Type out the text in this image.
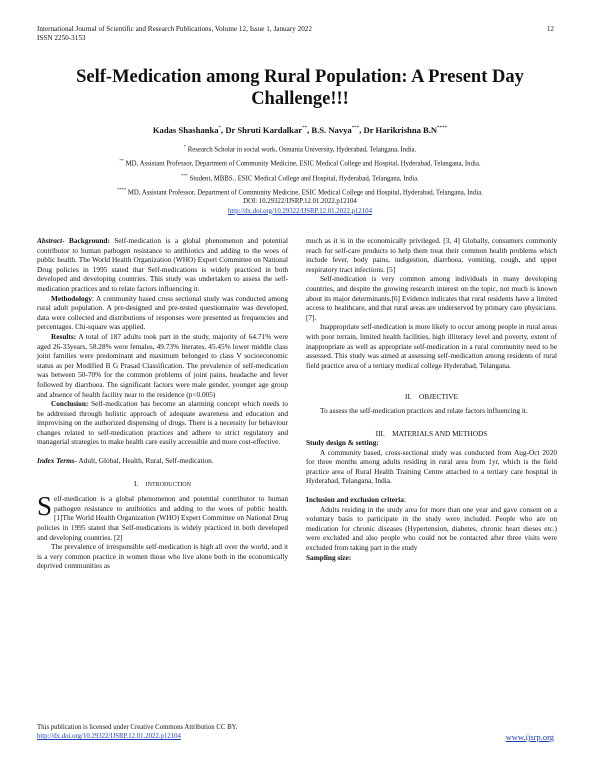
International Journal of Scientific and Research Publications, Volume 12, Issue 1, January 2022
ISSN 2250-3153
12
Self-Medication among Rural Population: A Present Day Challenge!!!
Kadas Shashanka*, Dr Shruti Kardalkar**, B.S. Navya***, Dr Harikrishna B.N****
* Research Scholar in social work, Osmania University, Hyderabad, Telangana, India.
** MD, Assistant Professor, Department of Community Medicine, ESIC Medical College and Hospital, Hyderabad, Telangana, India.
*** Student, MBBS., ESIC Medical College and Hospital, Hyderabad, Telangana, India.
**** MD, Assistant Professor, Department of Community Medicine, ESIC Medical College and Hospital, Hyderabad, Telangana, India.
DOI: 10.29322/IJSRP.12.01.2022.p12104
http://dx.doi.org/10.29322/IJSRP.12.01.2022.p12104

Abstract- Background: Self-medication is a global phenomenon and potential contributor to human pathogen resistance to antibiotics and adding to the woes of public health. The World Health Organization (WHO) Expert Committee on National Drug policies in 1995 stated that Self-medications is widely practiced in both developed and developing countries. This study was undertaken to assess the self-medication practices and to relate factors influencing it.

Methodology: A community based cross sectional study was conducted among rural adult population. A pre-designed and pre-tested questionnaire was developed, data were collected and distributions of responses were presented as frequencies and percentages. Chi-square was applied.

Results: A total of 187 adults took part in the study, majority of 64.71% were aged 26-33years, 58.28% were females, 49.73% literates, 45.45% lower middle class joint families were predominant and maximum belonged to class V socioeconomic status as per Modified B G Prasad Classification. The prevalence of self-medication was between 50-70% for the common problems of joint pains, headache and fever followed by diarrhoea. The significant factors were male gender, younger age group and absence of health facility near to the residence (p<0.005)

Conclusion: Self-medication has become an alarming concept which needs to be addressed through holistic approach of adequate awareness and education and improvising on the authorized dispensing of drugs. There is a necessity for behaviour changes related to self-medication practices and adhere to strict regulatory and managerial strategies to make health care easily accessible and more cost-effective.

Index Terms- Adult, Global, Health, Rural, Self-medication.

I. INTRODUCTION

Self-medication is a global phenomenon and potential contributor to human pathogen resistance to antibiotics and adding to the woes of public health. [1]The World Health Organization (WHO) Expert Committee on National Drug policies in 1995 stated that Self-medications is widely practiced in both developed and developing countries. [2]

The prevalence of irresponsible self-medication is high all over the world, and it is a very common practice in women those who live alone both in the economically deprived communities as

much as it is in the economically privileged. [3, 4] Globally, consumers commonly reach for self-care products to help them treat their common health problems which include fever, body pains, indigestion, diarrhoea, vomiting, cough, and upper respiratory tract infections. [5]

Self-medication is very common among individuals in many developing countries, and despite the growing research interest on the topic, not much is known about its major determinants.[6] Evidence indicates that rural residents have a limited access to healthcare, and that rural areas are underserved by primary care physicians.[7].

Inappropriate self-medication is more likely to occur among people in rural areas with poor terrain, limited health facilities, high illiteracy level and poverty, extent of inappropriate as well as appropriate self-medication in a rural community need to be assessed. This study was aimed at assessing self-medication among residents of rural field practice area of a tertiary medical college Hyderabad, Telangana.

II.    OBJECTIVE

To assess the self-medication practices and relate factors influencing it.

III.    MATERIALS AND METHODS

Study design & setting:

A community based, cross-sectional study was conducted from Aug-Oct 2020 for three months among adults residing in rural area from 1yr, which is the field practice area of Rural Health Training Centre attached to a tertiary care hospital in Hyderabad, Telangana, India.

Inclusion and exclusion criteria:

Adults residing in the study area for more than one year and gave consent on a voluntary basis to participate in the study were included. People who are on medication for chronic diseases (Hypertension, diabetes, chronic heart dieses etc.) were excluded and also people who could not be contacted after three visits were excluded from taking part in the study

Sampling size:

This publication is licensed under Creative Commons Attribution CC BY.
http://dx.doi.org/10.29322/IJSRP.12.01.2022.p12104	www.ijsrp.org
